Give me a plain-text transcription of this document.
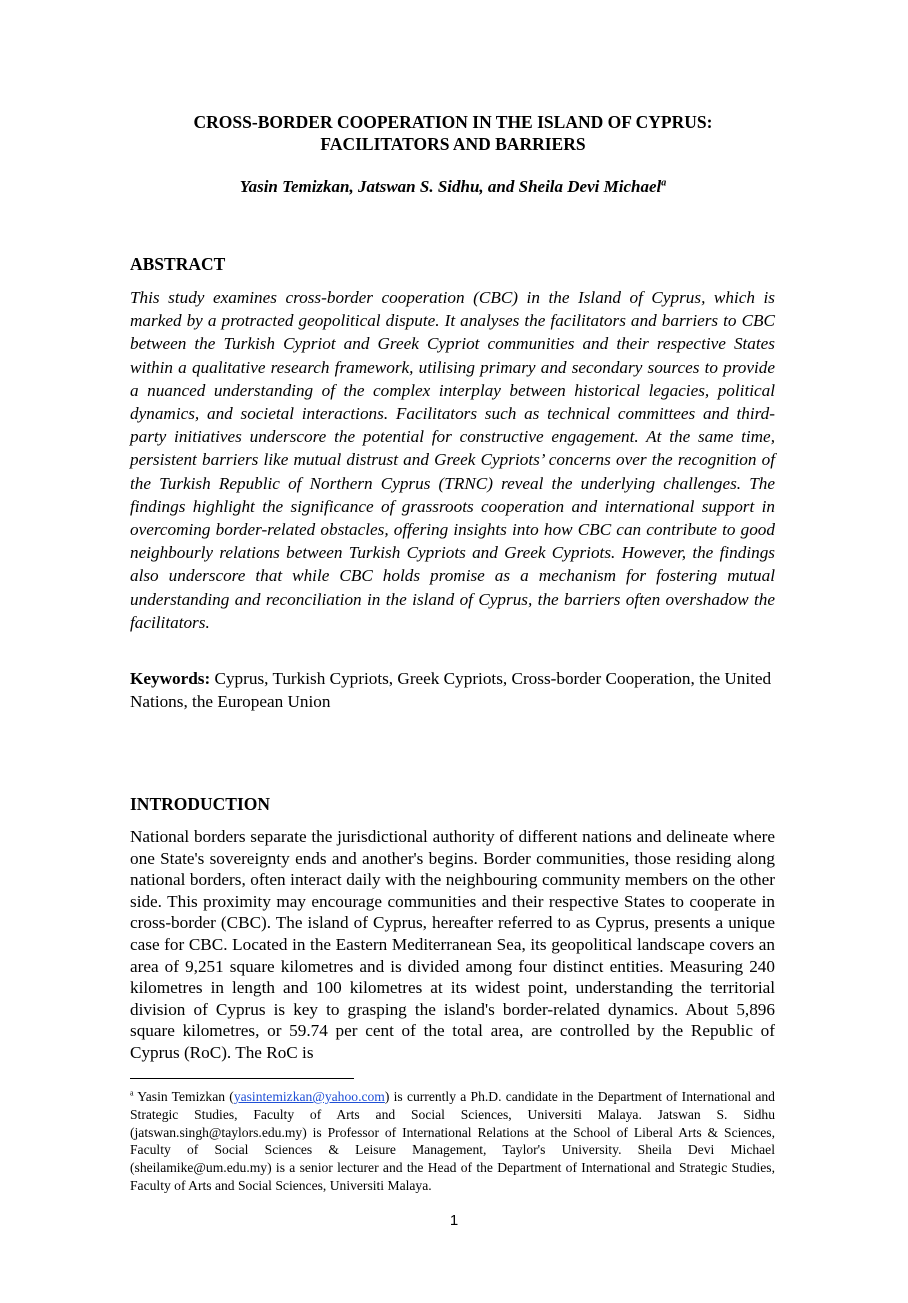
CROSS-BORDER COOPERATION IN THE ISLAND OF CYPRUS:
FACILITATORS AND BARRIERS
Yasin Temizkan, Jatswan S. Sidhu, and Sheila Devi Michael$^a$
ABSTRACT
This study examines cross-border cooperation (CBC) in the Island of Cyprus, which is marked by a protracted geopolitical dispute. It analyses the facilitators and barriers to CBC between the Turkish Cypriot and Greek Cypriot communities and their respective States within a qualitative research framework, utilising primary and secondary sources to provide a nuanced understanding of the complex interplay between historical legacies, political dynamics, and societal interactions. Facilitators such as technical committees and third-party initiatives underscore the potential for constructive engagement. At the same time, persistent barriers like mutual distrust and Greek Cypriots’ concerns over the recognition of the Turkish Republic of Northern Cyprus (TRNC) reveal the underlying challenges. The findings highlight the significance of grassroots cooperation and international support in overcoming border-related obstacles, offering insights into how CBC can contribute to good neighbourly relations between Turkish Cypriots and Greek Cypriots. However, the findings also underscore that while CBC holds promise as a mechanism for fostering mutual understanding and reconciliation in the island of Cyprus, the barriers often overshadow the facilitators.
Keywords: Cyprus, Turkish Cypriots, Greek Cypriots, Cross-border Cooperation, the United Nations, the European Union
INTRODUCTION
National borders separate the jurisdictional authority of different nations and delineate where one State's sovereignty ends and another's begins. Border communities, those residing along national borders, often interact daily with the neighbouring community members on the other side. This proximity may encourage communities and their respective States to cooperate in cross-border (CBC). The island of Cyprus, hereafter referred to as Cyprus, presents a unique case for CBC. Located in the Eastern Mediterranean Sea, its geopolitical landscape covers an area of 9,251 square kilometres and is divided among four distinct entities. Measuring 240 kilometres in length and 100 kilometres at its widest point, understanding the territorial division of Cyprus is key to grasping the island's border-related dynamics. About 5,896 square kilometres, or 59.74 per cent of the total area, are controlled by the Republic of Cyprus (RoC). The RoC is
$^a$ Yasin Temizkan (yasintemizkan@yahoo.com) is currently a Ph.D. candidate in the Department of International and Strategic Studies, Faculty of Arts and Social Sciences, Universiti Malaya. Jatswan S. Sidhu (jatswan.singh@taylors.edu.my) is Professor of International Relations at the School of Liberal Arts & Sciences, Faculty of Social Sciences & Leisure Management, Taylor's University. Sheila Devi Michael (sheilamike@um.edu.my) is a senior lecturer and the Head of the Department of International and Strategic Studies, Faculty of Arts and Social Sciences, Universiti Malaya.
1
